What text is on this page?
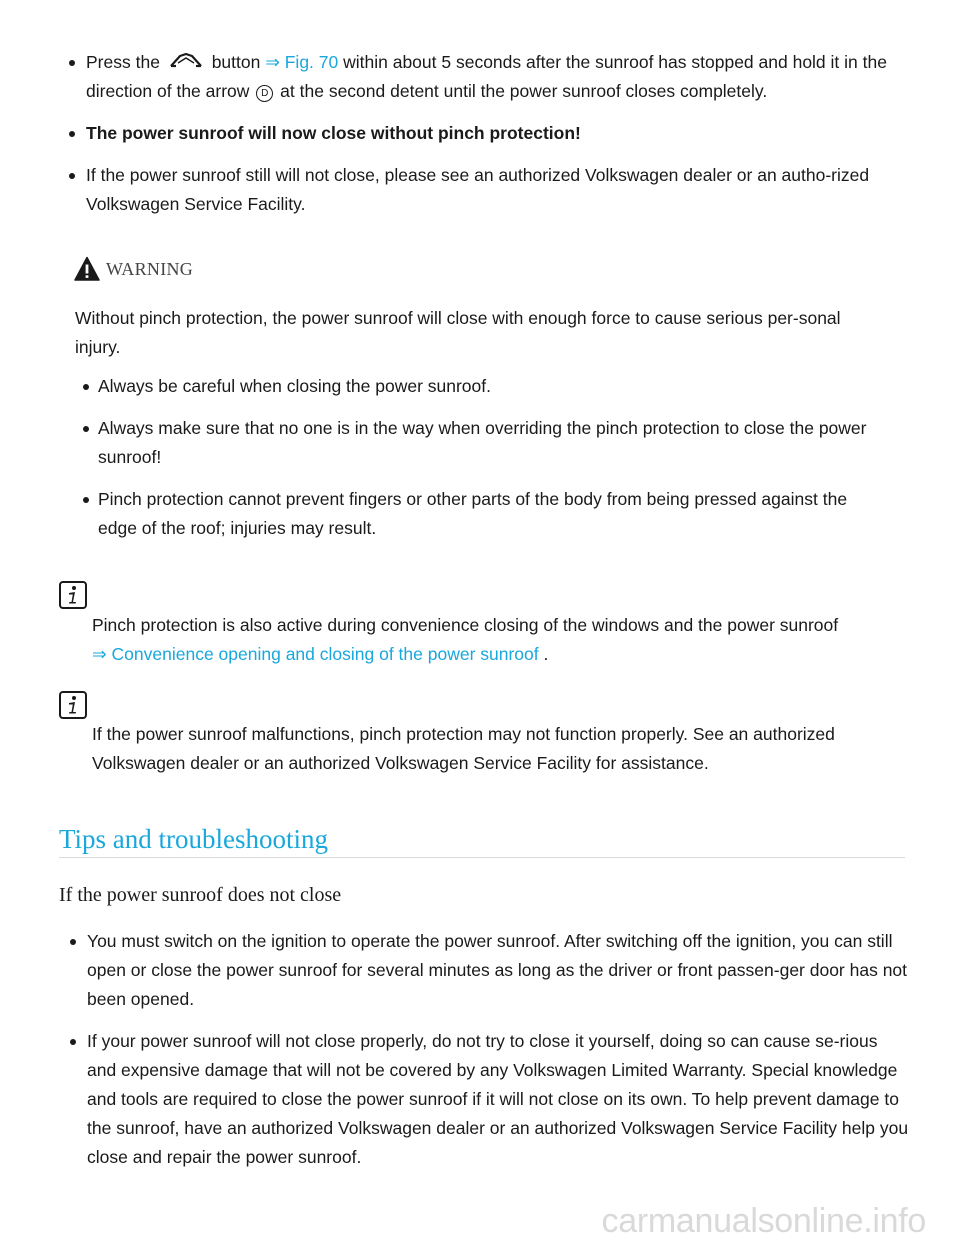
Press the	button ⇒ Fig. 70 within about 5 seconds after the sunroof has stopped and hold it in the direction of the arrow D at the second detent until the power sunroof closes completely.
The power sunroof will now close without pinch protection!
If the power sunroof still will not close, please see an authorized Volkswagen dealer or an autho-rized Volkswagen Service Facility.
WARNING
Without pinch protection, the power sunroof will close with enough force to cause serious per-sonal injury.
Always be careful when closing the power sunroof.
Always make sure that no one is in the way when overriding the pinch protection to close the power sunroof!
Pinch protection cannot prevent fingers or other parts of the body from being pressed against the edge of the roof; injuries may result.
Pinch protection is also active during convenience closing of the windows and the power sunroof
⇒ Convenience opening and closing of the power sunroof .
If the power sunroof malfunctions, pinch protection may not function properly. See an authorized Volkswagen dealer or an authorized Volkswagen Service Facility for assistance.
Tips and troubleshooting
If the power sunroof does not close
You must switch on the ignition to operate the power sunroof. After switching off the ignition, you can still open or close the power sunroof for several minutes as long as the driver or front passen-ger door has not been opened.
If your power sunroof will not close properly, do not try to close it yourself, doing so can cause se-rious and expensive damage that will not be covered by any Volkswagen Limited Warranty. Special knowledge and tools are required to close the power sunroof if it will not close on its own. To help prevent damage to the sunroof, have an authorized Volkswagen dealer or an authorized Volkswagen Service Facility help you close and repair the power sunroof.
carmanualsonline.info
